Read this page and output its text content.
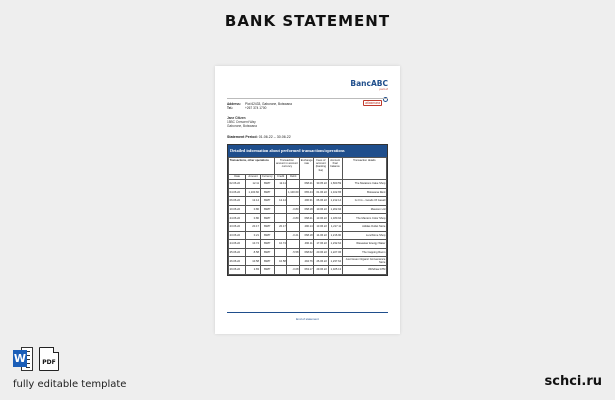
BANK STATEMENT
BancABC
part of
atlasmara
Address:	Plot 62433, Gaborone, Botswana
Tel.:	+267 374 1700
Jane Citizen
15BC Crescent Way
Gaborone, Botswana
Statement Period: 01.06.22 – 30.06.22
Detailed information about performed transactions/operations
Transactions, other operations			Transaction amount in account currency		Exchange rate	Fees of account (banking fee)	Account final balance	Transaction details
Date	Amount	Currency	Credit	Debit				
02.06.22	12.11	BWP	12.11		668.21	30.05.22	1,660.59	The Maratons Cake Shop
04.06.22	1,100.60	BWP		1,100.60	665.44	01.06.22	1,102.65	Botswana Rent
06.06.22	12.14	BWP	12.14		496.31	06.06.22	1,212.14	G.O.G – Goods Of Gesell
10.06.22	0.80	BWP		-0.80	668.18	10.06.22	1,202.94	Mascom Ltd
24.06.22	0.80	BWP		-0.80	668.21	13.06.22	1,180.94	The Mantom Color Shop
23.06.22	20.17	BWP	20.17		490.14	13.06.22	1,217.11	Adidas Outlet Store
23.06.22	0.21	BWP		-0.21	668.18	14.06.22	1,216.90	Lunchtime Shop
24.06.22	10.74	BWP	10.74		490.11	17.06.22	1,232.64	Weseeker Energy Water
25.06.22	-5.58	BWP		-5.58	668.62	20.06.22	1,227.06	The Capping Room
26.06.22	10.58	BWP	10.58		494.76	26.06.22	1,237.64	Just Green Organic Convenience Store
29.06.22	2.83	BWP		-0.08	663.17	29.06.22	1,325.13	Withdraw ATM
End of statement
W	PDF
fully editable template	schci.ru
